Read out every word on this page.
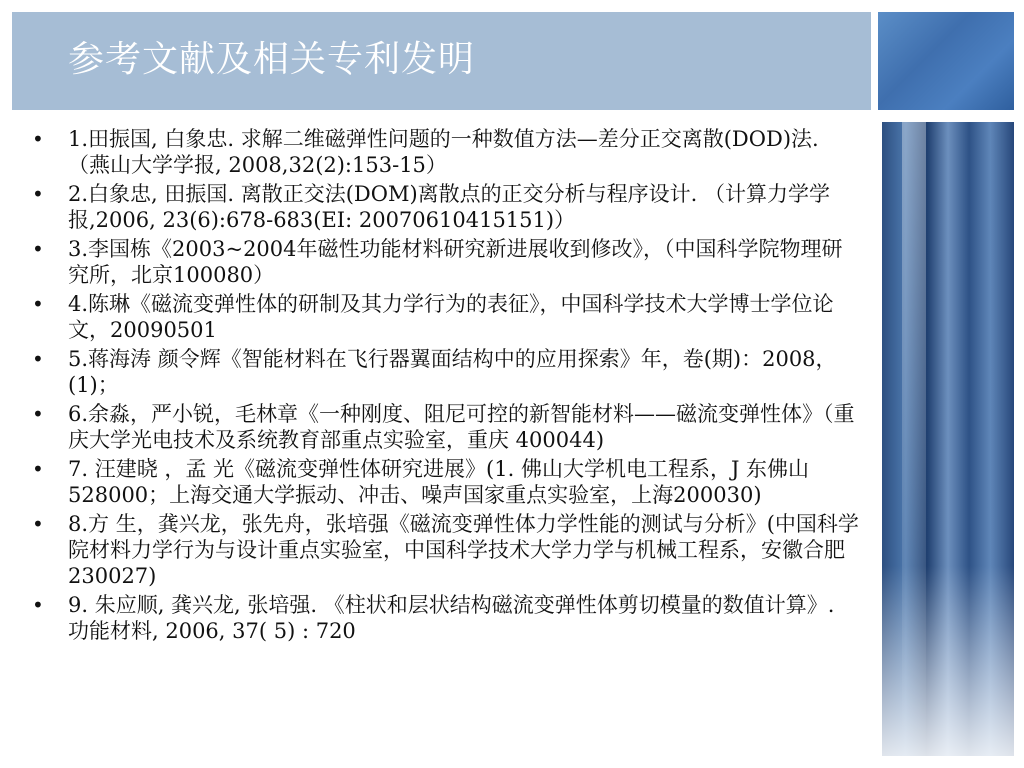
参考文献及相关专利发明
• 1.田振国, 白象忠. 求解二维磁弹性问题的一种数值方法—差分正交离散(DOD)法. （燕山大学学报, 2008,32(2):153-15）
• 2.白象忠, 田振国. 离散正交法(DOM)离散点的正交分析与程序设计. （计算力学学报,2006, 23(6):678-683(EI: 20070610415151)）
• 3.李国栋《2003~2004年磁性功能材料研究新进展收到修改》，（中国科学院物理研究所，北京100080）
• 4.陈琳《磁流变弹性体的研制及其力学行为的表征》，中国科学技术大学博士学位论文，20090501
• 5.蒋海涛 颜令辉《智能材料在飞行器翼面结构中的应用探索》年，卷(期)：2008，(1)；
• 6.余淼，严小锐，毛林章《一种刚度、阻尼可控的新智能材料——磁流变弹性体》（重庆大学光电技术及系统教育部重点实验室，重庆 400044)
• 7. 汪建晓 ，孟 光《磁流变弹性体研究进展》(1. 佛山大学机电工程系，J 东佛山528000；上海交通大学振动、冲击、噪声国家重点实验室，上海200030)
• 8.方 生，龚兴龙，张先舟，张培强《磁流变弹性体力学性能的测试与分析》(中国科学院材料力学行为与设计重点实验室，中国科学技术大学力学与机械工程系，安徽合肥230027)
• 9. 朱应顺, 龚兴龙, 张培强. 《柱状和层状结构磁流变弹性体剪切模量的数值计算》. 功能材料, 2006, 37( 5) : 720
